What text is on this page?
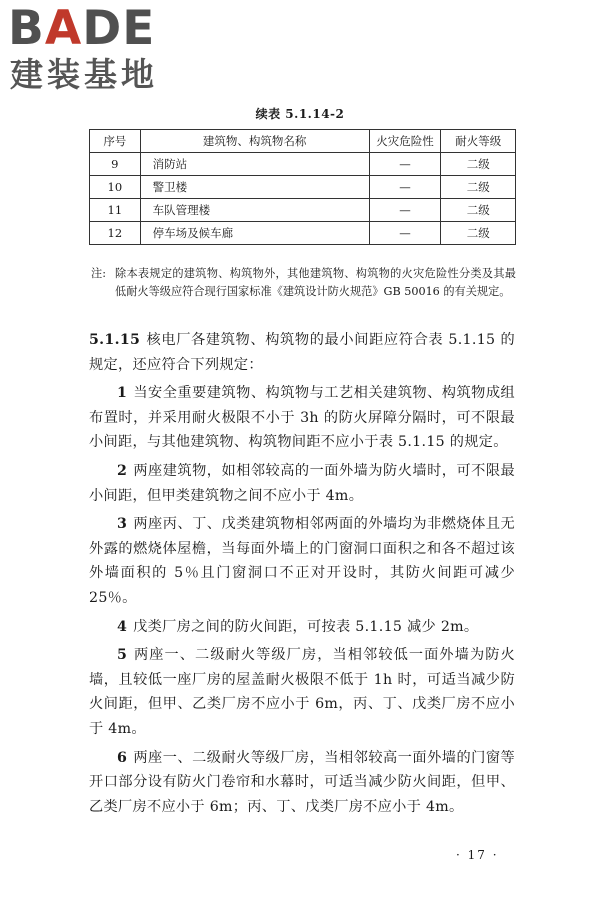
BADE
建装基地
续表 5.1.14-2
序号	建筑物、构筑物名称	火灾危险性	耐火等级
9	消防站	—	二级
10	警卫楼	—	二级
11	车队管理楼	—	二级
12	停车场及候车廊	—	二级
注: 除本表规定的建筑物、构筑物外，其他建筑物、构筑物的火灾危险性分类及其最低耐火等级应符合现行国家标准《建筑设计防火规范》GB 50016 的有关规定。
5.1.15 核电厂各建筑物、构筑物的最小间距应符合表 5.1.15 的规定，还应符合下列规定：
1 当安全重要建筑物、构筑物与工艺相关建筑物、构筑物成组布置时，并采用耐火极限不小于 3h 的防火屏障分隔时，可不限最小间距，与其他建筑物、构筑物间距不应小于表 5.1.15 的规定。
2 两座建筑物，如相邻较高的一面外墙为防火墙时，可不限最小间距，但甲类建筑物之间不应小于 4m。
3 两座丙、丁、戊类建筑物相邻两面的外墙均为非燃烧体且无外露的燃烧体屋檐，当每面外墙上的门窗洞口面积之和各不超过该外墙面积的 5％且门窗洞口不正对开设时，其防火间距可减少 25％。
4 戊类厂房之间的防火间距，可按表 5.1.15 减少 2m。
5 两座一、二级耐火等级厂房，当相邻较低一面外墙为防火墙，且较低一座厂房的屋盖耐火极限不低于 1h 时，可适当减少防火间距，但甲、乙类厂房不应小于 6m，丙、丁、戊类厂房不应小于 4m。
6 两座一、二级耐火等级厂房，当相邻较高一面外墙的门窗等开口部分设有防火门卷帘和水幕时，可适当减少防火间距，但甲、乙类厂房不应小于 6m；丙、丁、戊类厂房不应小于 4m。
· 17 ·
